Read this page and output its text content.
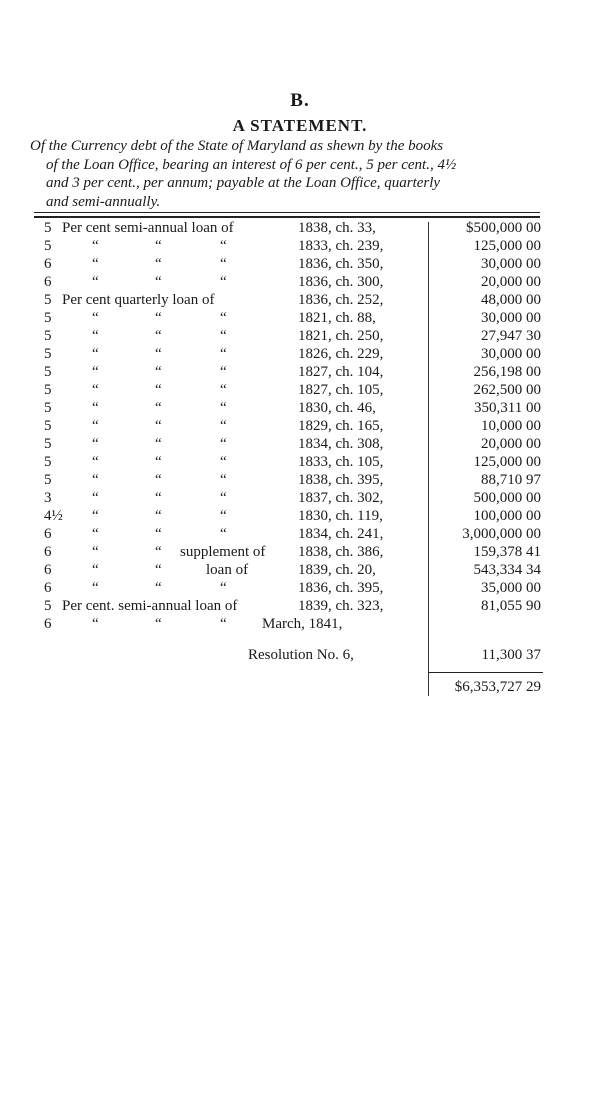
B.
A STATEMENT.
Of the Currency debt of the State of Maryland as shewn by the books
of the Loan Office, bearing an interest of 6 per cent., 5 per cent., 4½
and 3 per cent., per annum; payable at the Loan Office, quarterly
and semi-annually.
5 Per cent semi-annual loan of	1838, ch. 33,	$500,000 00
5	“	“	“	1833, ch. 239,	125,000 00
6	“	“	“	1836, ch. 350,	30,000 00
6	“	“	“	1836, ch. 300,	20,000 00
5 Per cent quarterly loan of	1836, ch. 252,	48,000 00
5	“	“	“	1821, ch. 88,	30,000 00
5	“	“	“	1821, ch. 250,	27,947 30
5	“	“	“	1826, ch. 229,	30,000 00
5	“	“	“	1827, ch. 104,	256,198 00
5	“	“	“	1827, ch. 105,	262,500 00
5	“	“	“	1830, ch. 46,	350,311 00
5	“	“	“	1829, ch. 165,	10,000 00
5	“	“	“	1834, ch. 308,	20,000 00
5	“	“	“	1833, ch. 105,	125,000 00
5	“	“	“	1838, ch. 395,	88,710 97
3	“	“	“	1837, ch. 302,	500,000 00
4½ “	“	“	1830, ch. 119,	100,000 00
6	“	“	“	1834, ch. 241,	3,000,000 00
6	“	“ supplement of 1838, ch. 386,	159,378 41
6	“	“	loan of	1839, ch. 20,	543,334 34
6	“	“	“	1836, ch. 395,	35,000 00
5 Per cent. semi-annual loan of	1839, ch. 323,	81,055 90
6	“	“	“ March, 1841,
Resolution No. 6,	11,300 37
$6,353,727 29
